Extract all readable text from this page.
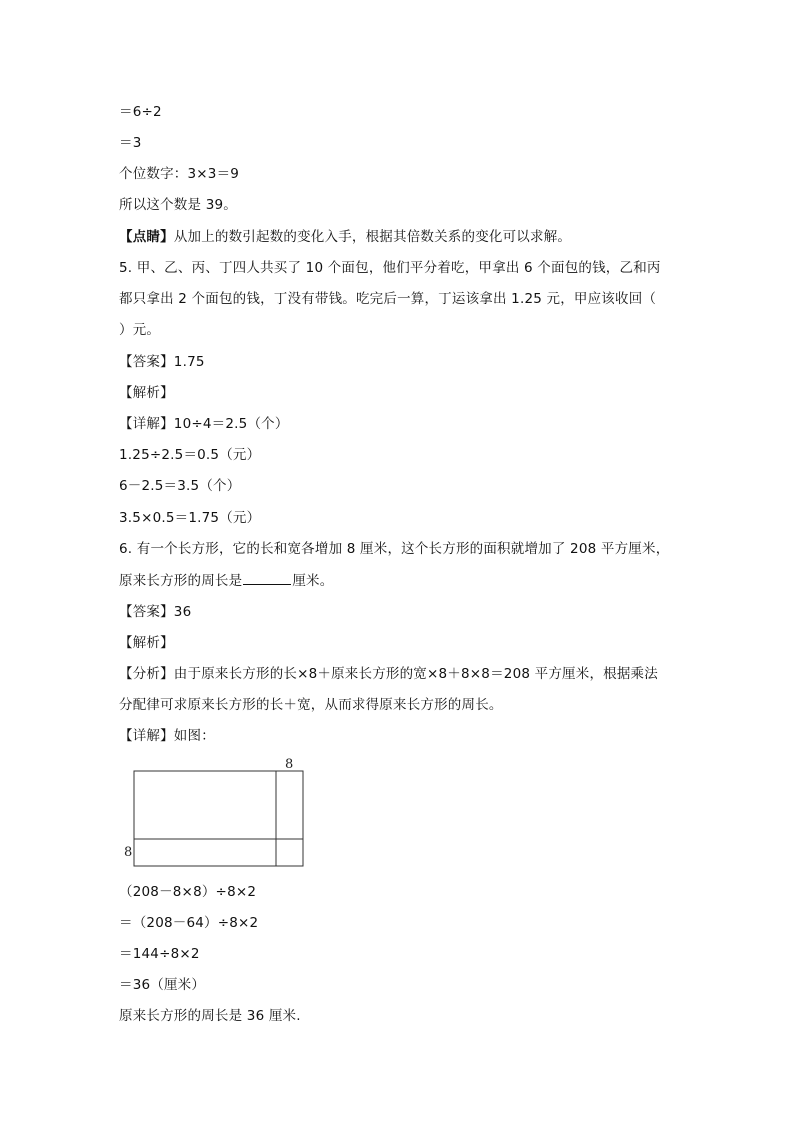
＝6÷2
＝3
个位数字：3×3＝9
所以这个数是 39。
【点睛】从加上的数引起数的变化入手，根据其倍数关系的变化可以求解。
5. 甲、乙、丙、丁四人共买了 10 个面包，他们平分着吃，甲拿出 6 个面包的钱，乙和丙
都只拿出 2 个面包的钱，丁没有带钱。吃完后一算，丁运该拿出 1.25 元，甲应该收回（
）元。
【答案】1.75
【解析】
【详解】10÷4＝2.5（个）
1.25÷2.5＝0.5（元）
6－2.5＝3.5（个）
3.5×0.5＝1.75（元）
6. 有一个长方形，它的长和宽各增加 8 厘米，这个长方形的面积就增加了 208 平方厘米，
原来长方形的周长是	厘米。
【答案】36
【解析】
【分析】由于原来长方形的长×8＋原来长方形的宽×8＋8×8＝208 平方厘米，根据乘法
分配律可求原来长方形的长＋宽，从而求得原来长方形的周长。
【详解】如图：
8
8
（208－8×8）÷8×2
＝（208－64）÷8×2
＝144÷8×2
＝36（厘米）
原来长方形的周长是 36 厘米.
